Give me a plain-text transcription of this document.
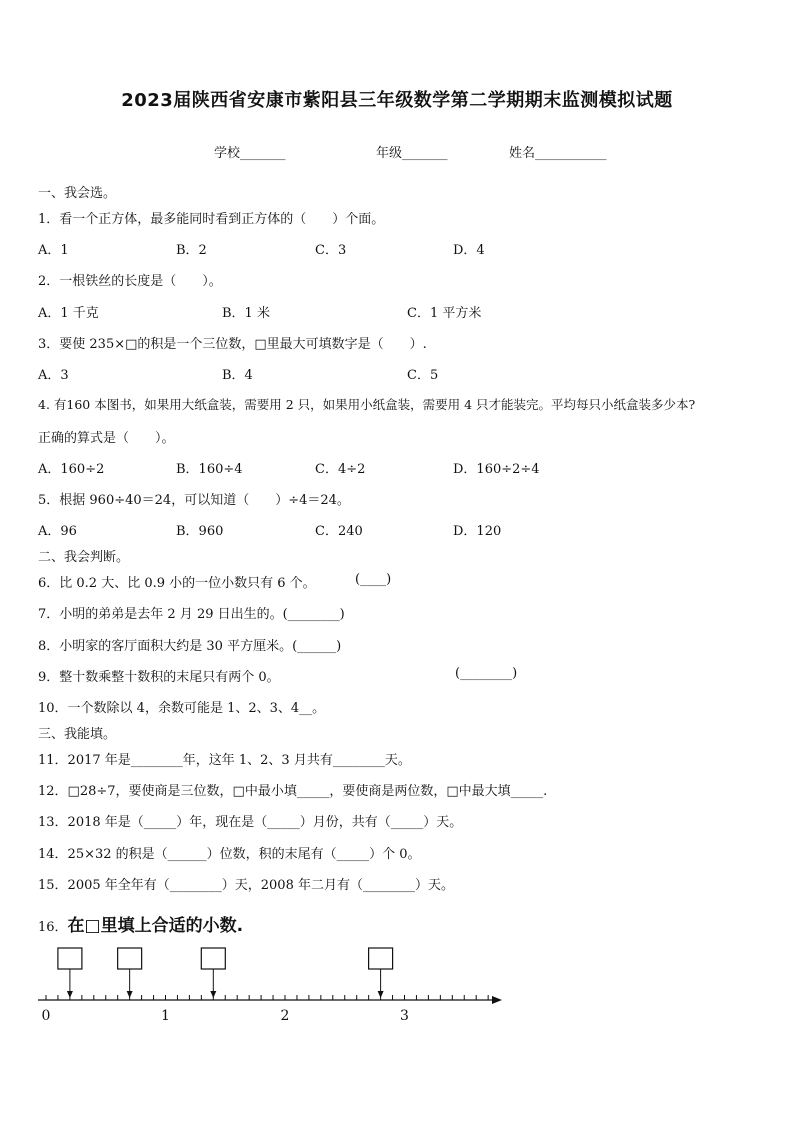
2023届陕西省安康市紫阳县三年级数学第二学期期末监测模拟试题
学校_______	年级_______	姓名___________
一、我会选。
1．看一个正方体，最多能同时看到正方体的（　　）个面。
A．1	B．2	C．3	D．4
2．一根铁丝的长度是（　　）。
A．1 千克	B．1 米	C．1 平方米
3．要使 235×□的积是一个三位数，□里最大可填数字是（　　）.
A．3	B．4	C．5
4. 有160 本图书，如果用大纸盒装，需要用 2 只，如果用小纸盒装，需要用 4 只才能装完。平均每只小纸盒装多少本?
正确的算式是（　　）。
A．160÷2	B．160÷4	C．4÷2	D．160÷2÷4
5．根据 960÷40＝24，可以知道（　　）÷4＝24。
A．96	B．960	C．240	D．120
二、我会判断。
6．比 0.2 大、比 0.9 小的一位小数只有 6 个。	(____)
7．小明的弟弟是去年 2 月 29 日出生的。(________)
8．小明家的客厅面积大约是 30 平方厘米。(______)
9．整十数乘整十数积的末尾只有两个 0。	(________)
10．一个数除以 4，余数可能是 1、2、3、4__。
三、我能填。
11．2017 年是________年，这年 1、2、3 月共有________天。
12．□28÷7，要使商是三位数，□中最小填_____，要使商是两位数，□中最大填_____.
13．2018 年是（_____）年，现在是（_____）月份，共有（_____）天。
14．25×32 的积是（______）位数，积的末尾有（_____）个 0。
15．2005 年全年有（________）天，2008 年二月有（________）天。
16．在□里填上合适的小数.
0	1	2	3
